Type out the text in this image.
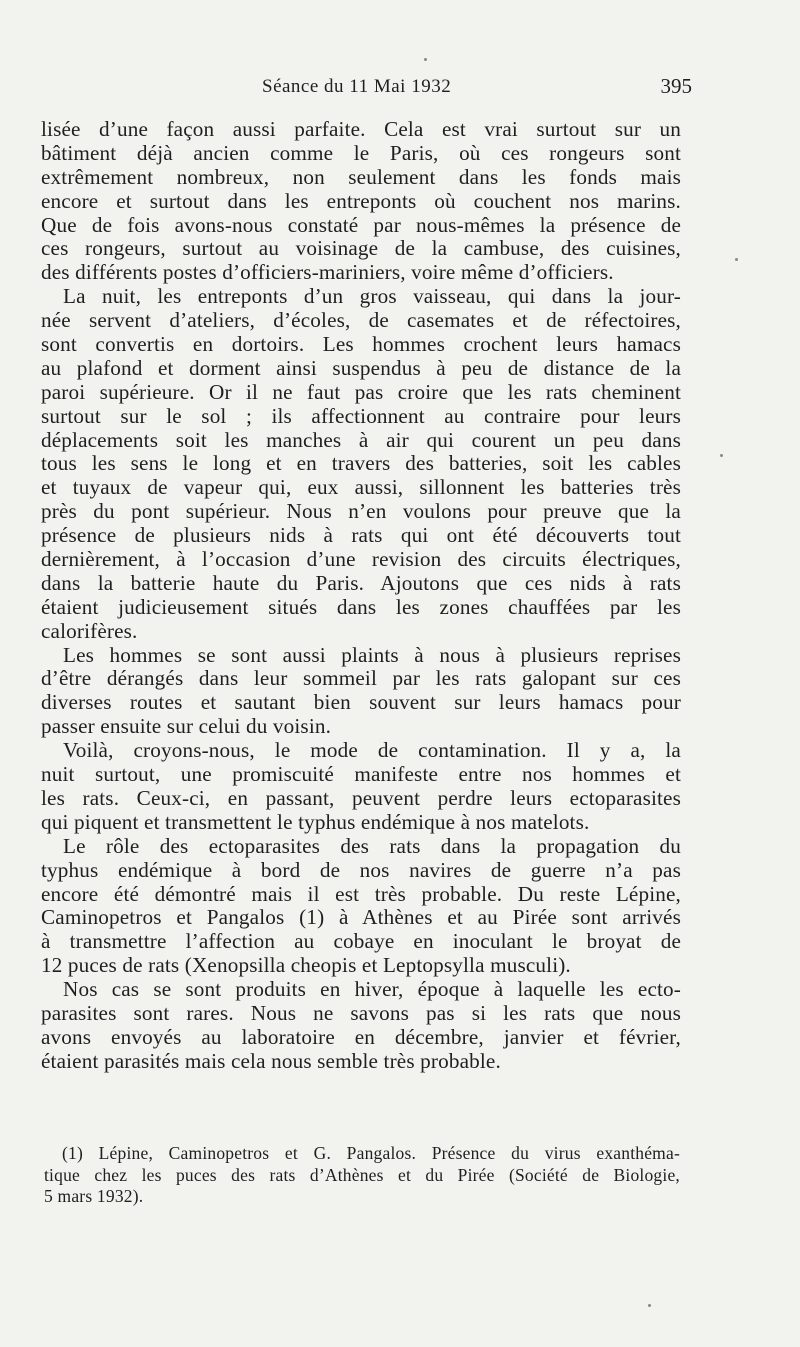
Séance du 11 Mai 1932	395
lisée d’une façon aussi parfaite. Cela est vrai surtout sur un
bâtiment déjà ancien comme le Paris, où ces rongeurs sont
extrêmement nombreux, non seulement dans les fonds mais
encore et surtout dans les entreponts où couchent nos marins.
Que de fois avons-nous constaté par nous-mêmes la présence de
ces rongeurs, surtout au voisinage de la cambuse, des cuisines,
des différents postes d’officiers-mariniers, voire même d’officiers.
La nuit, les entreponts d’un gros vaisseau, qui dans la jour-
née servent d’ateliers, d’écoles, de casemates et de réfectoires,
sont convertis en dortoirs. Les hommes crochent leurs hamacs
au plafond et dorment ainsi suspendus à peu de distance de la
paroi supérieure. Or il ne faut pas croire que les rats cheminent
surtout sur le sol ; ils affectionnent au contraire pour leurs
déplacements soit les manches à air qui courent un peu dans
tous les sens le long et en travers des batteries, soit les cables
et tuyaux de vapeur qui, eux aussi, sillonnent les batteries très
près du pont supérieur. Nous n’en voulons pour preuve que la
présence de plusieurs nids à rats qui ont été découverts tout
dernièrement, à l’occasion d’une revision des circuits électriques,
dans la batterie haute du Paris. Ajoutons que ces nids à rats
étaient judicieusement situés dans les zones chauffées par les
calorifères.
Les hommes se sont aussi plaints à nous à plusieurs reprises
d’être dérangés dans leur sommeil par les rats galopant sur ces
diverses routes et sautant bien souvent sur leurs hamacs pour
passer ensuite sur celui du voisin.
Voilà, croyons-nous, le mode de contamination. Il y a, la
nuit surtout, une promiscuité manifeste entre nos hommes et
les rats. Ceux-ci, en passant, peuvent perdre leurs ectoparasites
qui piquent et transmettent le typhus endémique à nos matelots.
Le rôle des ectoparasites des rats dans la propagation du
typhus endémique à bord de nos navires de guerre n’a pas
encore été démontré mais il est très probable. Du reste Lépine,
Caminopetros et Pangalos (1) à Athènes et au Pirée sont arrivés
à transmettre l’affection au cobaye en inoculant le broyat de
12 puces de rats (Xenopsilla cheopis et Leptopsylla musculi).
Nos cas se sont produits en hiver, époque à laquelle les ecto-
parasites sont rares. Nous ne savons pas si les rats que nous
avons envoyés au laboratoire en décembre, janvier et février,
étaient parasités mais cela nous semble très probable.
(1) Lépine, Caminopetros et G. Pangalos. Présence du virus exanthéma-
tique chez les puces des rats d’Athènes et du Pirée (Société de Biologie,
5 mars 1932).
